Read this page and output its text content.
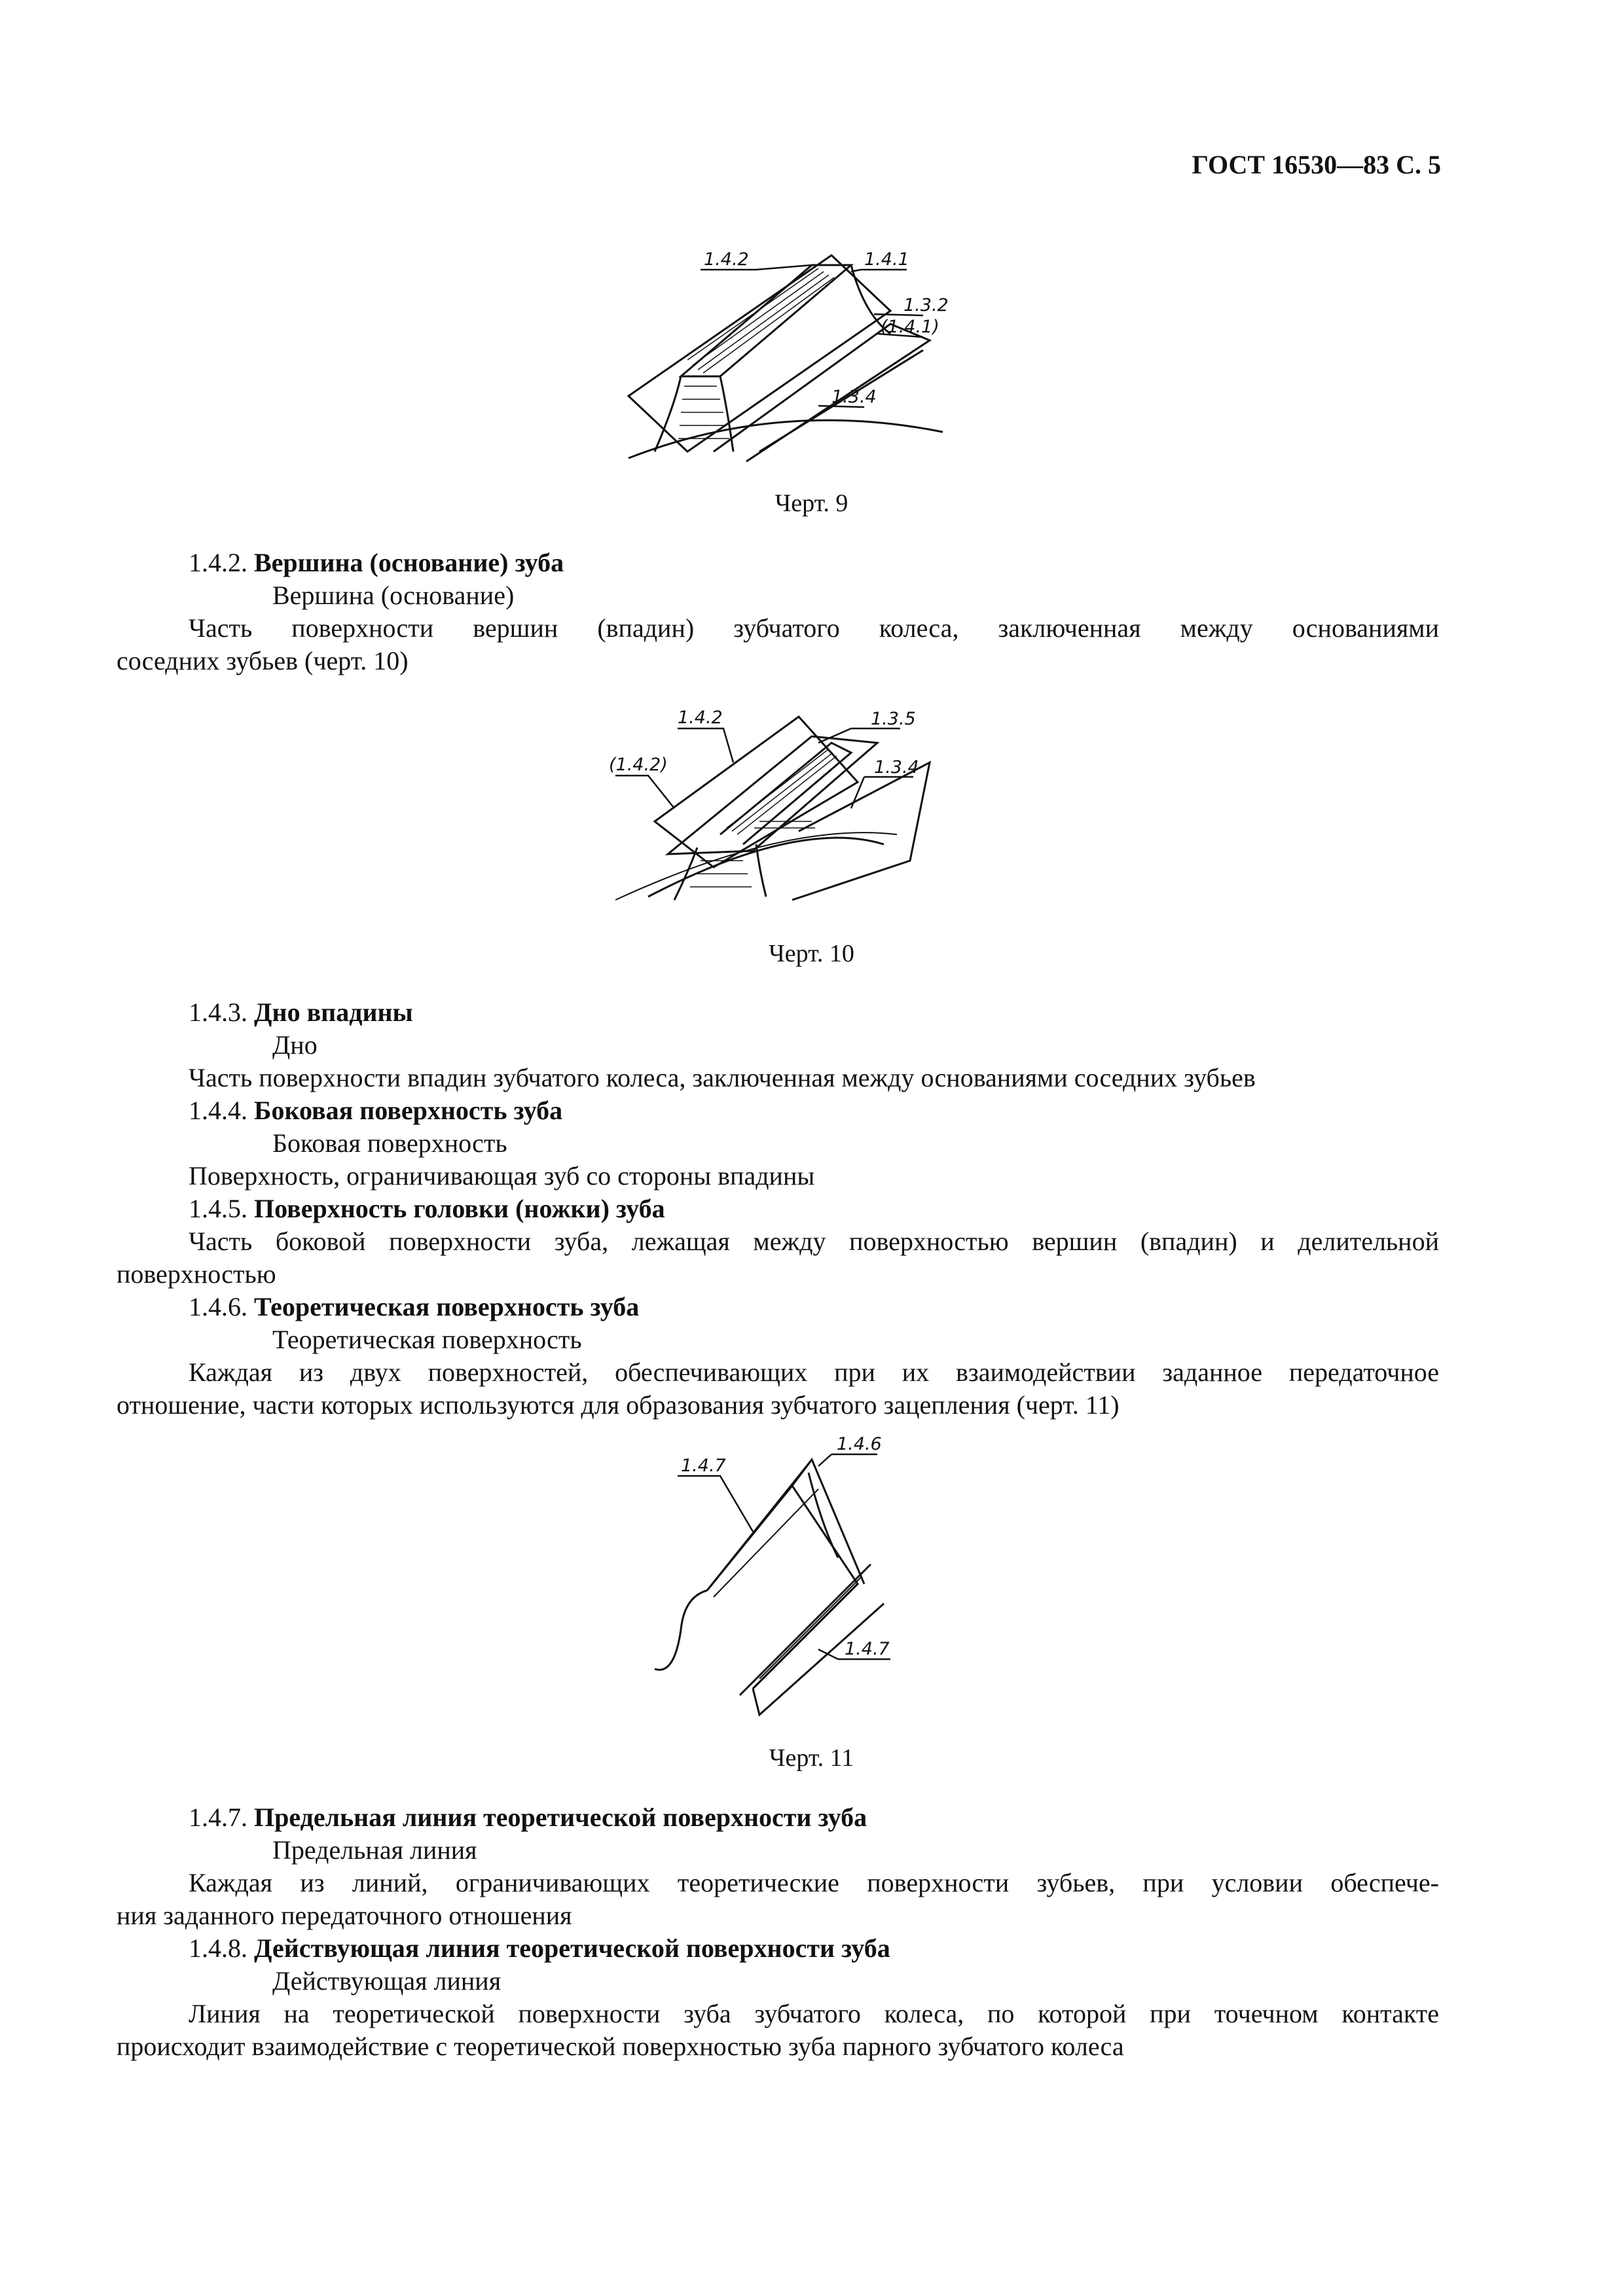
ГОСТ 16530—83 С. 5
1.4.2	1.4.1
1.3.2
(1.4.1)
1.3.4
Черт. 9
1.4.2. Вершина (основание) зуба
Вершина (основание)
Часть поверхности вершин (впадин) зубчатого колеса, заключенная между основаниями
соседних зубьев (черт. 10)
1.4.2	1.3.5
(1.4.2)	1.3.4
Черт. 10
1.4.3. Дно впадины
Дно
Часть поверхности впадин зубчатого колеса, заключенная между основаниями соседних зубьев
1.4.4. Боковая поверхность зуба
Боковая поверхность
Поверхность, ограничивающая зуб со стороны впадины
1.4.5. Поверхность головки (ножки) зуба
Часть боковой поверхности зуба, лежащая между поверхностью вершин (впадин) и делительной
поверхностью
1.4.6. Теоретическая поверхность зуба
Теоретическая поверхность
Каждая из двух поверхностей, обеспечивающих при их взаимодействии заданное передаточное
отношение, части которых используются для образования зубчатого зацепления (черт. 11)
1.4.7
1.4.6
1.4.7
Черт. 11
1.4.7. Предельная линия теоретической поверхности зуба
Предельная линия
Каждая из линий, ограничивающих теоретические поверхности зубьев, при условии обеспече-
ния заданного передаточного отношения
1.4.8. Действующая линия теоретической поверхности зуба
Действующая линия
Линия на теоретической поверхности зуба зубчатого колеса, по которой при точечном контакте
происходит взаимодействие с теоретической поверхностью зуба парного зубчатого колеса
